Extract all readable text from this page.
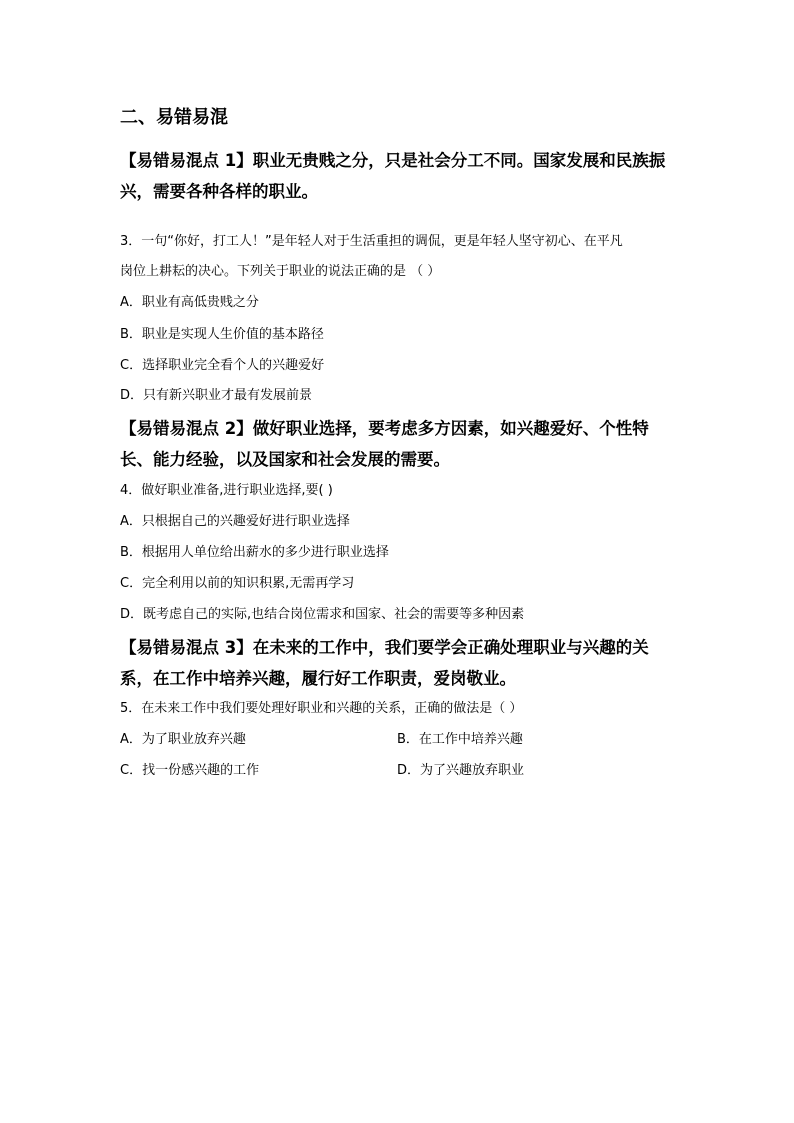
二、易错易混

【易错易混点 1】职业无贵贱之分，只是社会分工不同。国家发展和民族振兴，需要各种各样的职业。

3．一句“你好，打工人！”是年轻人对于生活重担的调侃，更是年轻人坚守初心、在平凡

岗位上耕耘的决心。下列关于职业的说法正确的是 （ ）

A．职业有高低贵贱之分

B．职业是实现人生价值的基本路径

C．选择职业完全看个人的兴趣爱好

D．只有新兴职业才最有发展前景

【易错易混点 2】做好职业选择，要考虑多方因素，如兴趣爱好、个性特长、能力经验，以及国家和社会发展的需要。

4．做好职业准备,进行职业选择,要( )

A．只根据自己的兴趣爱好进行职业选择

B．根据用人单位给出薪水的多少进行职业选择

C．完全利用以前的知识积累,无需再学习

D．既考虑自己的实际,也结合岗位需求和国家、社会的需要等多种因素

【易错易混点 3】在未来的工作中，我们要学会正确处理职业与兴趣的关系，在工作中培养兴趣，履行好工作职责，爱岗敬业。

5．在未来工作中我们要处理好职业和兴趣的关系，正确的做法是（ ）

A．为了职业放弃兴趣	B．在工作中培养兴趣

C．找一份感兴趣的工作	D．为了兴趣放弃职业
